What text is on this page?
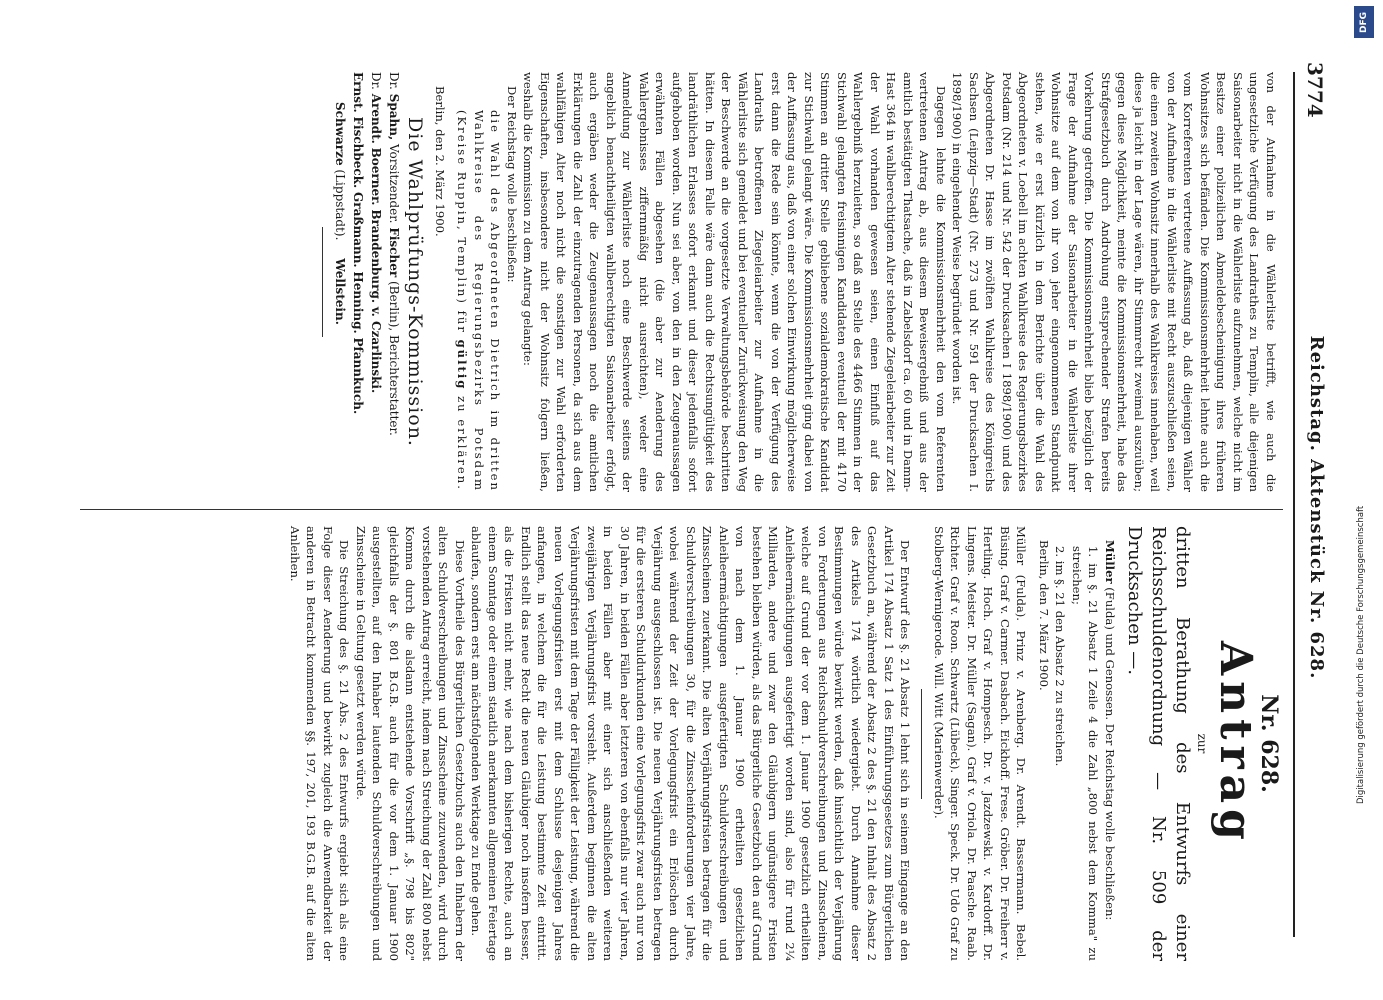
3774
Reichstag. Aktenstück Nr. 628.

von der Aufnahme in die Wählerliste betrifft, wie auch die ungesetzliche Verfügung des Landrathes zu Templin, alle diejenigen Saisonarbeiter nicht in die Wählerliste aufzunehmen, welche nicht im Besitze einer polizeilichen Abmeldebescheinigung ihres früheren Wohnsitzes sich befänden. Die Kommissionsmehrheit lehnte auch die vom Korreferenten vertretene Auffassung ab, daß diejenigen Wähler von der Aufnahme in die Wählerliste mit Recht auszuschließen seien, die einen zweiten Wohnsitz innerhalb des Wahlkreises innehaben, weil diese ja leicht in der Lage wären, ihr Stimmrecht zweimal auszuüben; gegen diese Möglichkeit, meinte die Kommissionsmehrheit, habe das Strafgesetzbuch durch Androhung entsprechender Strafen bereits Vorkehrung getroffen. Die Kommissionsmehrheit blieb bezüglich der Frage der Aufnahme der Saisonarbeiter in die Wählerliste ihrer Wohnsitze auf dem von ihr von jeher eingenommenen Standpunkt stehen, wie er erst kürzlich in dem Berichte über die Wahl des Abgeordneten v. Loebell im achten Wahlkreise des Regierungsbezirkes Potsdam (Nr. 214 und Nr. 542 der Drucksachen I 1898/1900) und des Abgeordneten Dr. Hasse im zwölften Wahlkreise des Königreichs Sachsen (Leipzig—Stadt) (Nr. 273 und Nr. 591 der Drucksachen I. 1898/1900) in eingehender Weise begründet worden ist.

Dagegen lehnte die Kommissionsmehrheit den vom Referenten vertretenen Antrag ab, aus diesem Beweisergebniß und aus der amtlich bestätigten Thatsache, daß in Zabelsdorf ca. 60 und in Damm-Hast 364 in wahlberechtigtem Alter stehende Ziegeleiarbeiter zur Zeit der Wahl vorhanden gewesen seien, einen Einfluß auf das Wahlergebniß herzuleiten, so daß an Stelle des 4466 Stimmen in der Stichwahl gelangten freisinnigen Kandidaten eventuell der mit 4170 Stimmen an dritter Stelle gebliebene sozialdemokratische Kandidat zur Stichwahl gelangt wäre. Die Kommissionsmehrheit ging dabei von der Auffassung aus, daß von einer solchen Einwirkung möglicherweise erst dann die Rede sein könnte, wenn die von der Verfügung des Landraths betroffenen Ziegeleiarbeiter zur Aufnahme in die Wählerliste sich gemeldet und bei eventueller Zurückweisung den Weg der Beschwerde an die vorgesetzte Verwaltungsbehörde beschritten hätten. In diesem Falle wäre dann auch die Rechtsungültigkeit des landräthlichen Erlasses sofort erkannt und dieser jedenfalls sofort aufgehoben worden. Nun sei aber, von den in den Zeugenaussagen erwähnten Fällen abgesehen (die aber zur Aenderung des Wahlergebnisses ziffernmäßig nicht ausreichten), weder eine Anmeldung zur Wählerliste noch eine Beschwerde seitens der angeblich benachtheiligten wahlberechtigten Saisonarbeiter erfolgt, auch ergäben weder die Zeugenaussagen noch die amtlichen Erklärungen die Zahl der einzutragenden Personen, da sich aus dem wahlfähigen Alter noch nicht die sonstigen zur Wahl erforderten Eigenschaften, insbesondere nicht der Wohnsitz folgern ließen, weshalb die Kommission zu dem Antrag gelangte:

Der Reichstag wolle beschließen:

die Wahl des Abgeordneten Dietrich im dritten Wahlkreise des Regierungsbezirks Potsdam (Kreise Ruppin, Templin) für gültig zu erklären.

Berlin, den 2. März 1900.

Die Wahlprüfungs-Kommission.
Dr. Spahn, Vorsitzender. Fischer (Berlin), Berichterstatter.
Dr. Arendt. Boerner. Brandenburg. v. Czarlinski.
Ernst. Fischbeck. Graßmann. Henning. Pfannkuch.
Schwarze (Lippstadt). Wellstein.
Nr. 628.
Antrag
zur
dritten Berathung des Entwurfs einer Reichsschuldenordnung — Nr. 509 der Drucksachen —.

Müller (Fulda) und Genossen. Der Reichstag wolle beschließen:

1. im §. 21 Absatz 1 Zeile 4 die Zahl „800 nebst dem Komma" zu streichen;

2. im §. 21 den Absatz 2 zu streichen.

Berlin, den 7. März 1900.

Müller (Fulda). Prinz v. Arenberg. Dr. Arendt. Bassermann. Bebel. Büsing. Graf v. Carmer. Dasbach. Eickhoff. Frese. Gröber. Dr. Freiherr v. Hertling. Hoch. Graf v. Hompesch. Dr. v. Jazdzewski. v. Kardorff. Dr. Lingens. Meister. Dr. Müller (Sagan). Graf v. Oriola. Dr. Paasche. Raab. Richter. Graf v. Roon. Schwartz (Lübeck). Singer. Speck. Dr. Udo Graf zu Stolberg-Wernigerode. Will. Witt (Marienwerder).

Der Entwurf des §. 21 Absatz 1 lehnt sich in seinem Eingange an den Artikel 174 Absatz 1 Satz 1 des Einführungsgesetzes zum Bürgerlichen Gesetzbuch an, während der Absatz 2 des §. 21 den Inhalt des Absatz 2 des Artikels 174 wörtlich wiedergiebt. Durch Annahme dieser Bestimmungen würde bewirkt werden, daß hinsichtlich der Verjährung von Forderungen aus Reichsschuldverschreibungen und Zinsscheinen, welche auf Grund der vor dem 1. Januar 1900 gesetzlich ertheilten Anleiheermächtigungen ausgefertigt worden sind, also für rund 2¼ Milliarden, andere und zwar den Gläubigern ungünstigere Fristen bestehen bleiben würden, als das Bürgerliche Gesetzbuch den auf Grund von nach dem 1. Januar 1900 ertheilten gesetzlichen Anleiheermächtigungen ausgefertigten Schuldverschreibungen und Zinsscheinen zuerkannt. Die alten Verjährungsfristen betragen für die Schuldverschreibungen 30, für die Zinsscheinforderungen vier Jahre, wobei während der Zeit der Vorlegungsfrist ein Erlöschen durch Verjährung ausgeschlossen ist. Die neuen Verjährungsfristen betragen für die ersteren Schuldurkunden eine Vorlegungsfrist zwar auch nur von 30 Jahren, in beiden Fällen aber letzteren von ebenfalls nur vier Jahren, in beiden Fällen aber mit einer sich anschließenden weiteren zweijährigen Verjährungsfrist vorsieht. Außerdem beginnen die alten Verjährungsfristen mit dem Tage der Fälligkeit der Leistung, während die neuen Vorlegungsfristen erst mit dem Schlusse desjenigen Jahres anfangen, in welchem die für die Leistung bestimmte Zeit eintritt. Endlich stellt das neue Recht die neuen Gläubiger noch insofern besser, als die Fristen nicht mehr, wie nach dem bisherigen Rechte, auch an einem Sonntage oder einem staatlich anerkannten allgemeinen Feiertage ablaufen, sondern erst am nächstfolgenden Werktage zu Ende gehen.

Diese Vortheile des Bürgerlichen Gesetzbuchs auch den Inhabern der alten Schuldverschreibungen und Zinsscheine zuzuwenden, wird durch vorstehenden Antrag erreicht, indem nach Streichung der Zahl 800 nebst Komma durch die alsdann entstehende Vorschrift „§. 798 bis 802" gleichfalls der §. 801 B.G.B. auch für die vor dem 1. Januar 1900 ausgestellten, auf den Inhaber lautenden Schuldverschreibungen und Zinsscheine in Geltung gesetzt werden würde.

Die Streichung des §. 21 Abs. 2 des Entwurfs ergiebt sich als eine Folge dieser Aenderung und bewirkt zugleich die Anwendbarkeit der anderen in Betracht kommenden §§. 197, 201, 193 B.G.B. auf die alten Anleihen.

DFG
Digitalisierung gefördert durch die Deutsche Forschungsgemeinschaft
